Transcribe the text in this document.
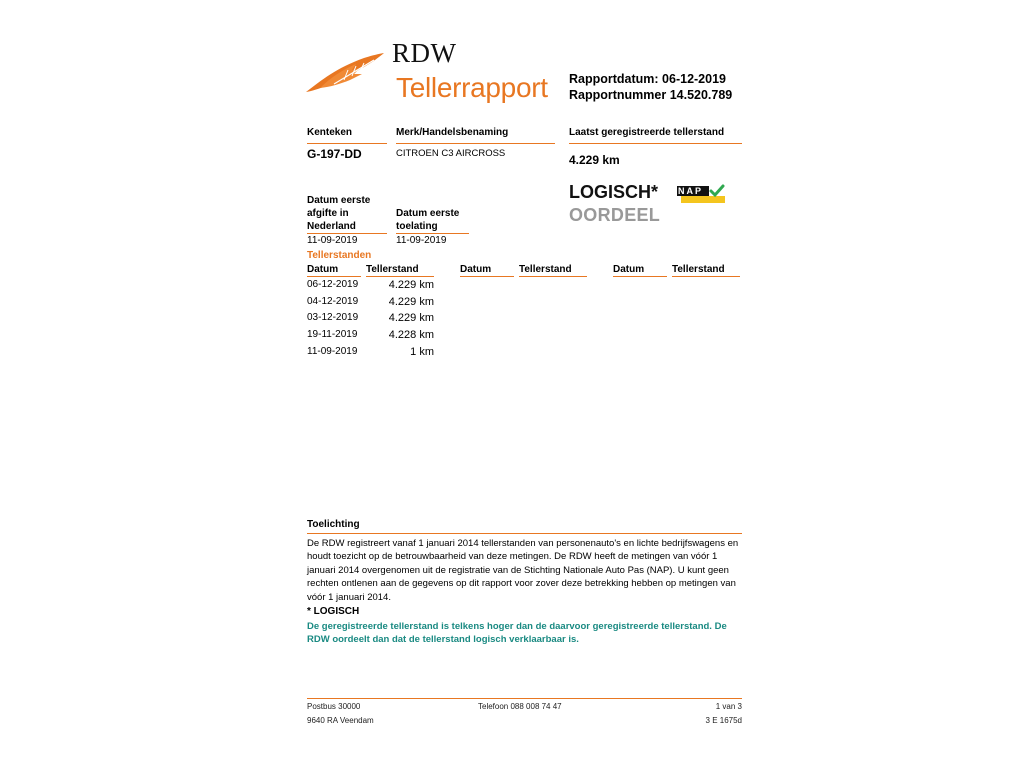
RDW
Tellerrapport Rapportdatum: 06-12-2019
Rapportnummer 14.520.789
Kenteken	Merk/Handelsbenaming	Laatst geregistreerde tellerstand
G-197-DD	CITROEN C3 AIRCROSS	4.229 km
LOGISCH*
OORDEEL
NAP
Datum eerste
afgifte in
Nederland
11-09-2019
Datum eerste
toelating
11-09-2019
Tellerstanden
Datum	Tellerstand	Datum	Tellerstand	Datum	Tellerstand
06-12-2019	4.229 km
04-12-2019	4.229 km
03-12-2019	4.229 km
19-11-2019	4.228 km
11-09-2019	1 km
Toelichting
De RDW registreert vanaf 1 januari 2014 tellerstanden van personenauto's en lichte bedrijfswagens en houdt toezicht op de betrouwbaarheid van deze metingen. De RDW heeft de metingen van vóór 1 januari 2014 overgenomen uit de registratie van de Stichting Nationale Auto Pas (NAP). U kunt geen rechten ontlenen aan de gegevens op dit rapport voor zover deze betrekking hebben op metingen van vóór 1 januari 2014.
* LOGISCH
De geregistreerde tellerstand is telkens hoger dan de daarvoor geregistreerde tellerstand. De RDW oordeelt dan dat de tellerstand logisch verklaarbaar is.
Postbus 30000
9640 RA Veendam
Telefoon 088 008 74 47	1 van 3
3 E 1675d
